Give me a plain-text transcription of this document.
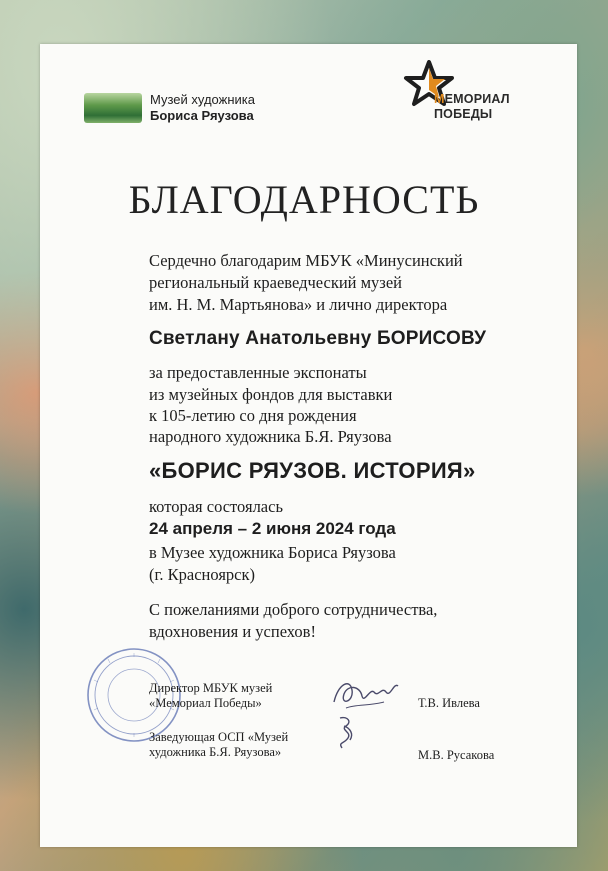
Музей художника
Бориса Ряузова
МЕМОРИАЛ
ПОБЕДЫ
БЛАГОДАРНОСТЬ
Сердечно благодарим МБУК «Минусинский
региональный краеведческий музей
им. Н. М. Мартьянова» и лично директора
Светлану Анатольевну БОРИСОВУ
за предоставленные экспонаты
из музейных фондов для выставки
к 105-летию со дня рождения
народного художника Б.Я. Ряузова
«БОРИС РЯУЗОВ. ИСТОРИЯ»
которая состоялась
24 апреля – 2 июня 2024 года
в Музее художника Бориса Ряузова
(г. Красноярск)
С пожеланиями доброго сотрудничества,
вдохновения и успехов!
Директор МБУК музей
«Мемориал Победы»	Т.В. Ивлева
Заведующая ОСП «Музей
художника Б.Я. Ряузова»	М.В. Русакова
